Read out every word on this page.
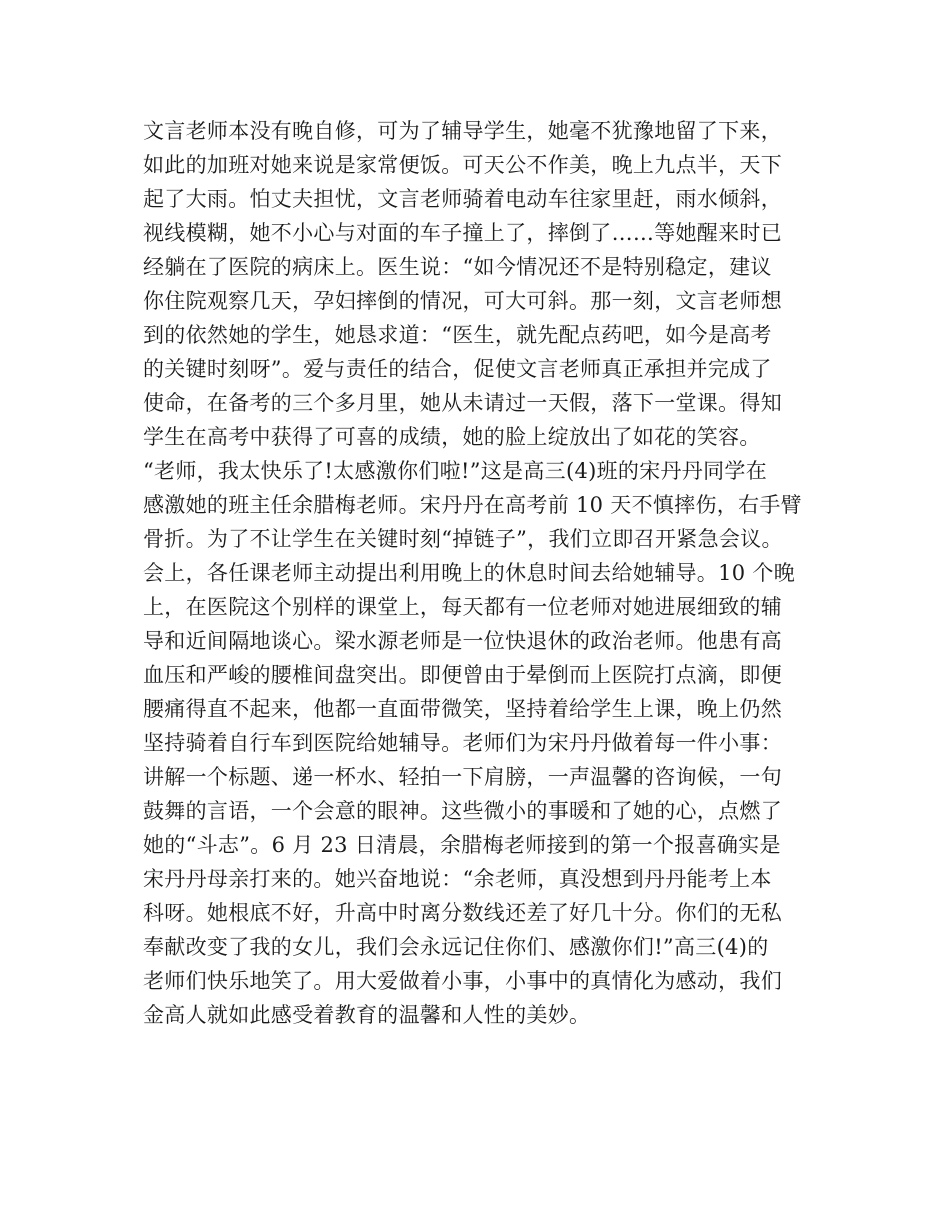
文言老师本没有晚自修，可为了辅导学生，她毫不犹豫地留了下来，
如此的加班对她来说是家常便饭。可天公不作美，晚上九点半，天下
起了大雨。怕丈夫担忧，文言老师骑着电动车往家里赶，雨水倾斜，
视线模糊，她不小心与对面的车子撞上了，摔倒了……等她醒来时已
经躺在了医院的病床上。医生说：“如今情况还不是特别稳定，建议
你住院观察几天，孕妇摔倒的情况，可大可斜。那一刻，文言老师想
到的依然她的学生，她恳求道：“医生，就先配点药吧，如今是高考
的关键时刻呀”。爱与责任的结合，促使文言老师真正承担并完成了
使命，在备考的三个多月里，她从未请过一天假，落下一堂课。得知
学生在高考中获得了可喜的成绩，她的脸上绽放出了如花的笑容。
“老师，我太快乐了!太感激你们啦!”这是高三(4)班的宋丹丹同学在
感激她的班主任余腊梅老师。宋丹丹在高考前 10 天不慎摔伤，右手臂
骨折。为了不让学生在关键时刻“掉链子”，我们立即召开紧急会议。
会上，各任课老师主动提出利用晚上的休息时间去给她辅导。10 个晚
上，在医院这个别样的课堂上，每天都有一位老师对她进展细致的辅
导和近间隔地谈心。梁水源老师是一位快退休的政治老师。他患有高
血压和严峻的腰椎间盘突出。即便曾由于晕倒而上医院打点滴，即便
腰痛得直不起来，他都一直面带微笑，坚持着给学生上课，晚上仍然
坚持骑着自行车到医院给她辅导。老师们为宋丹丹做着每一件小事：
讲解一个标题、递一杯水、轻拍一下肩膀，一声温馨的咨询候，一句
鼓舞的言语，一个会意的眼神。这些微小的事暖和了她的心，点燃了
她的“斗志”。6 月 23 日清晨，余腊梅老师接到的第一个报喜确实是
宋丹丹母亲打来的。她兴奋地说：“余老师，真没想到丹丹能考上本
科呀。她根底不好，升高中时离分数线还差了好几十分。你们的无私
奉献改变了我的女儿，我们会永远记住你们、感激你们!”高三(4)的
老师们快乐地笑了。用大爱做着小事，小事中的真情化为感动，我们
金高人就如此感受着教育的温馨和人性的美妙。
